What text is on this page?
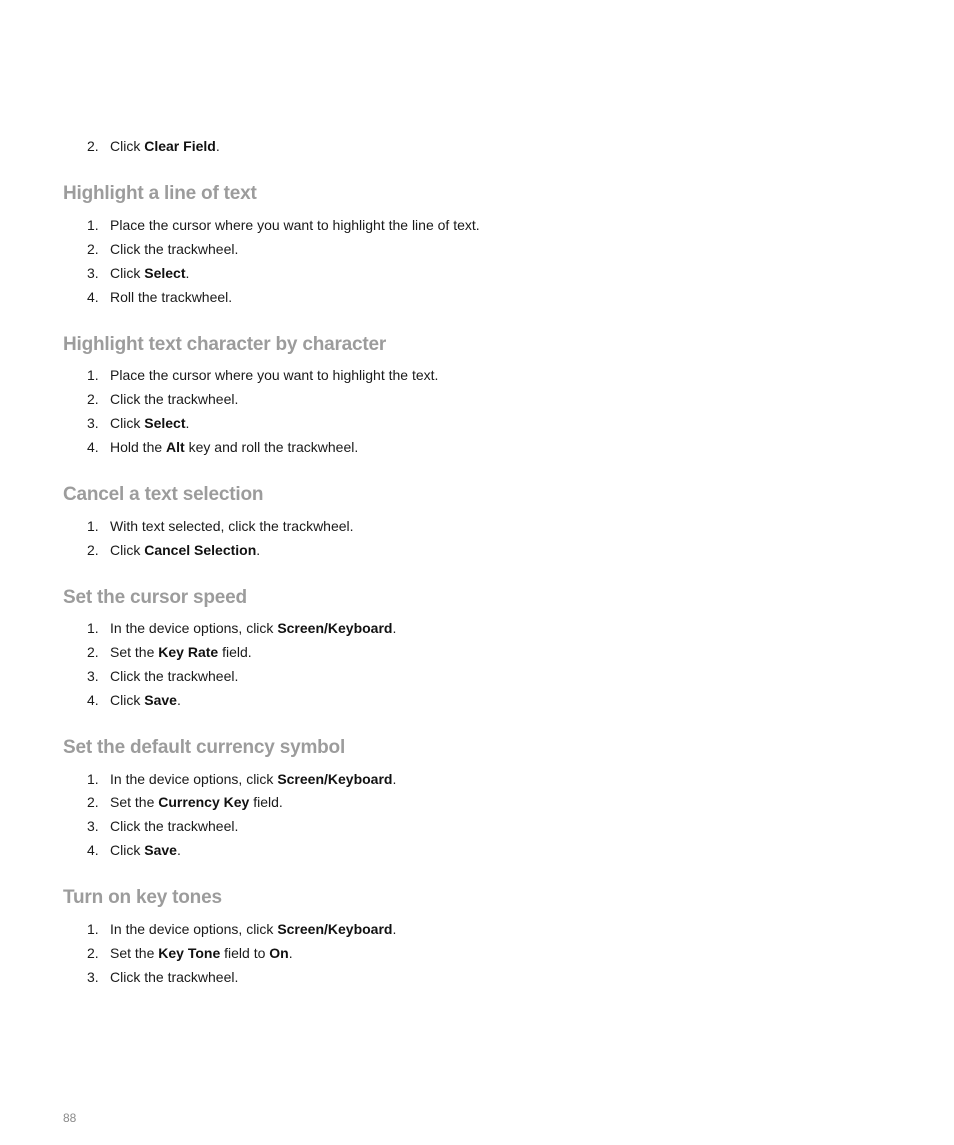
2. Click Clear Field.
Highlight a line of text
1. Place the cursor where you want to highlight the line of text.
2. Click the trackwheel.
3. Click Select.
4. Roll the trackwheel.
Highlight text character by character
1. Place the cursor where you want to highlight the text.
2. Click the trackwheel.
3. Click Select.
4. Hold the Alt key and roll the trackwheel.
Cancel a text selection
1. With text selected, click the trackwheel.
2. Click Cancel Selection.
Set the cursor speed
1. In the device options, click Screen/Keyboard.
2. Set the Key Rate field.
3. Click the trackwheel.
4. Click Save.
Set the default currency symbol
1. In the device options, click Screen/Keyboard.
2. Set the Currency Key field.
3. Click the trackwheel.
4. Click Save.
Turn on key tones
1. In the device options, click Screen/Keyboard.
2. Set the Key Tone field to On.
3. Click the trackwheel.
88
